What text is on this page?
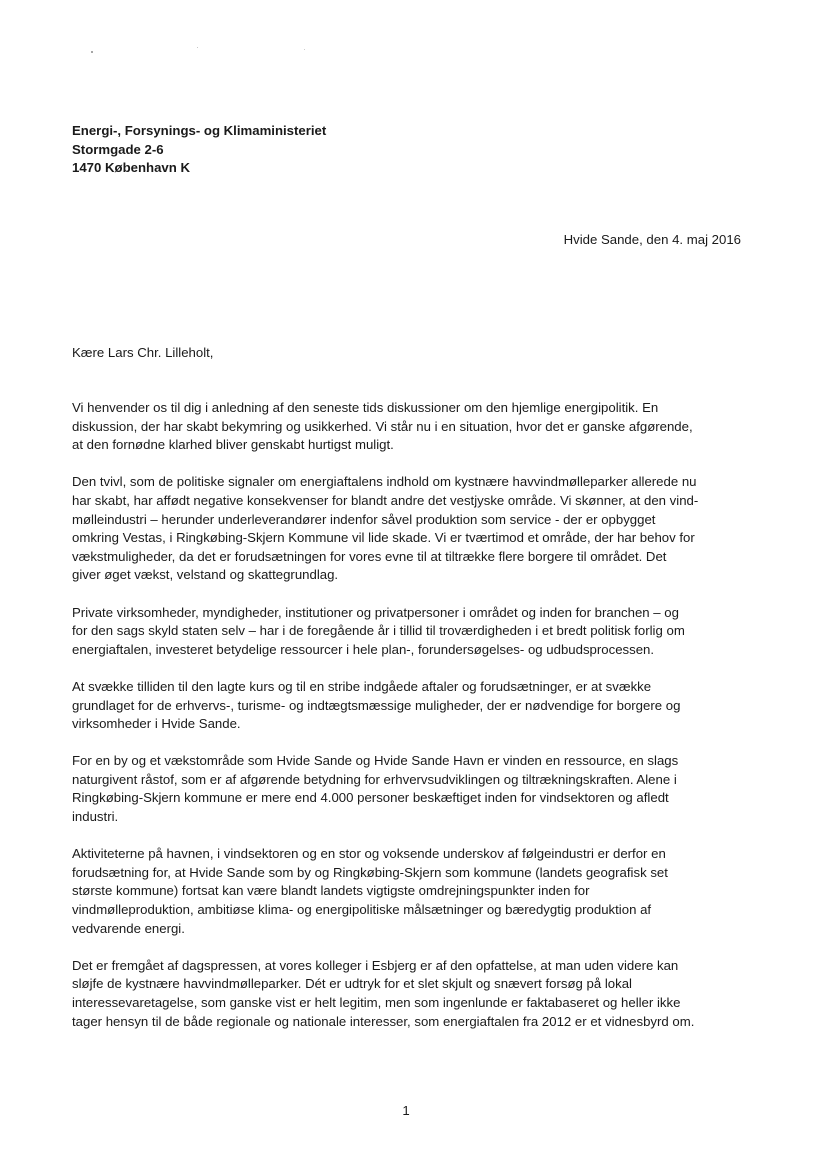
Energi-, Forsynings- og Klimaministeriet
Stormgade 2-6
1470 København K
Hvide Sande, den 4. maj 2016
Kære Lars Chr. Lilleholt,
Vi henvender os til dig i anledning af den seneste tids diskussioner om den hjemlige energipolitik. En
diskussion, der har skabt bekymring og usikkerhed. Vi står nu i en situation, hvor det er ganske afgørende,
at den fornødne klarhed bliver genskabt hurtigst muligt.
Den tvivl, som de politiske signaler om energiaftalens indhold om kystnære havvindmølleparker allerede nu
har skabt, har affødt negative konsekvenser for blandt andre det vestjyske område. Vi skønner, at den vind-
mølleindustri – herunder underleverandører indenfor såvel produktion som service - der er opbygget
omkring Vestas, i Ringkøbing-Skjern Kommune vil lide skade. Vi er tværtimod et område, der har behov for
vækstmuligheder, da det er forudsætningen for vores evne til at tiltrække flere borgere til området. Det
giver øget vækst, velstand og skattegrundlag.
Private virksomheder, myndigheder, institutioner og privatpersoner i området og inden for branchen – og
for den sags skyld staten selv – har i de foregående år i tillid til troværdigheden i et bredt politisk forlig om
energiaftalen, investeret betydelige ressourcer i hele plan-, forundersøgelses- og udbudsprocessen.
At svække tilliden til den lagte kurs og til en stribe indgåede aftaler og forudsætninger, er at svække
grundlaget for de erhvervs-, turisme- og indtægtsmæssige muligheder, der er nødvendige for borgere og
virksomheder i Hvide Sande.
For en by og et vækstområde som Hvide Sande og Hvide Sande Havn er vinden en ressource, en slags
naturgivent råstof, som er af afgørende betydning for erhvervsudviklingen og tiltrækningskraften. Alene i
Ringkøbing-Skjern kommune er mere end 4.000 personer beskæftiget inden for vindsektoren og afledt
industri.
Aktiviteterne på havnen, i vindsektoren og en stor og voksende underskov af følgeindustri er derfor en
forudsætning for, at Hvide Sande som by og Ringkøbing-Skjern som kommune (landets geografisk set
største kommune) fortsat kan være blandt landets vigtigste omdrejningspunkter inden for
vindmølleproduktion, ambitiøse klima- og energipolitiske målsætninger og bæredygtig produktion af
vedvarende energi.
Det er fremgået af dagspressen, at vores kolleger i Esbjerg er af den opfattelse, at man uden videre kan
sløjfe de kystnære havvindmølleparker. Dét er udtryk for et slet skjult og snævert forsøg på lokal
interessevaretagelse, som ganske vist er helt legitim, men som ingenlunde er faktabaseret og heller ikke
tager hensyn til de både regionale og nationale interesser, som energiaftalen fra 2012 er et vidnesbyrd om.
1
